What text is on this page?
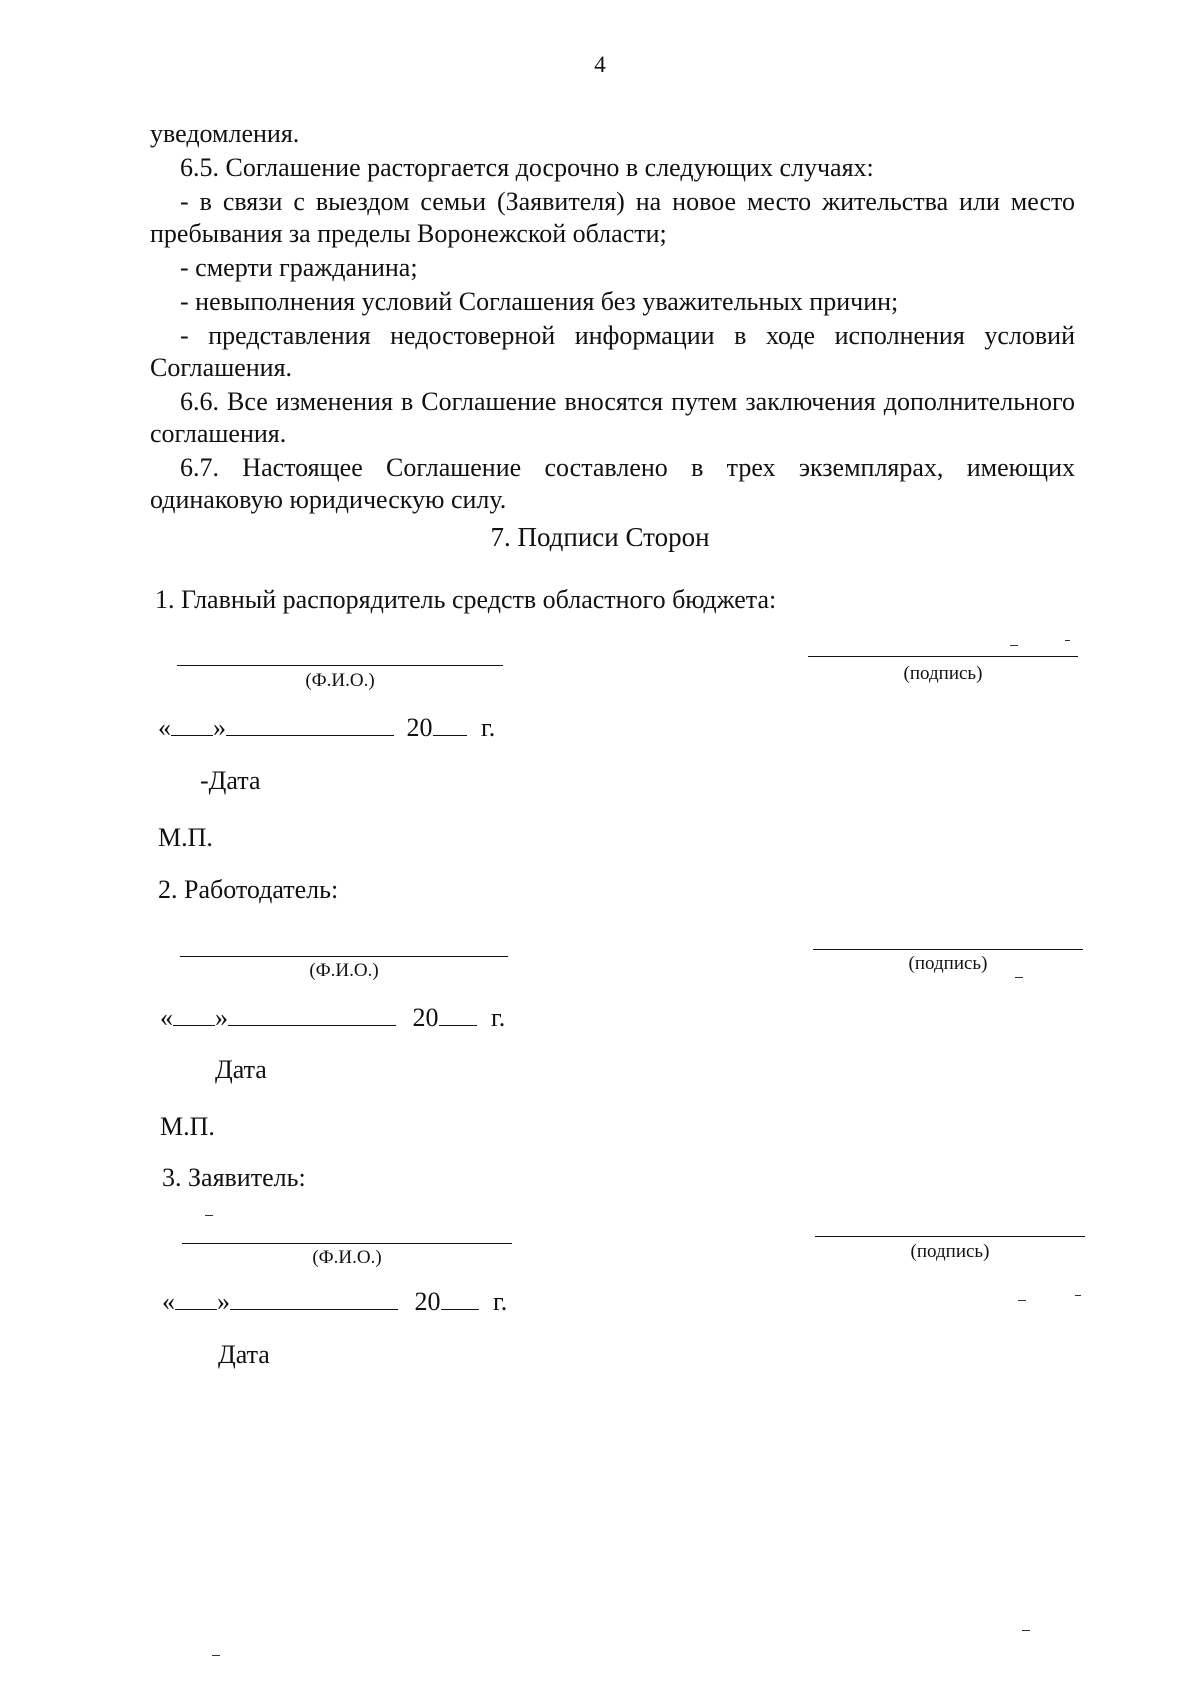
4

уведомления.

6.5. Соглашение расторгается досрочно в следующих случаях:

- в связи с выездом семьи (Заявителя) на новое место жительства или место пребывания за пределы Воронежской области;

- смерти гражданина;

- невыполнения условий Соглашения без уважительных причин;

- представления недостоверной информации в ходе исполнения условий Соглашения.

6.6. Все изменения в Соглашение вносятся путем заключения дополнительного соглашения.

6.7. Настоящее Соглашение составлено в трех экземплярах, имеющих одинаковую юридическую силу.

7. Подписи Сторон
1. Главный распорядитель средств областного бюджета:
(Ф.И.О.)	(подпись)
« »	20 г.
-Дата
М.П.
2. Работодатель:
(Ф.И.О.)	(подпись)
« »	20 г.
Дата
М.П.
3. Заявитель:
(Ф.И.О.)	(подпись)
« »	20 г.
Дата
